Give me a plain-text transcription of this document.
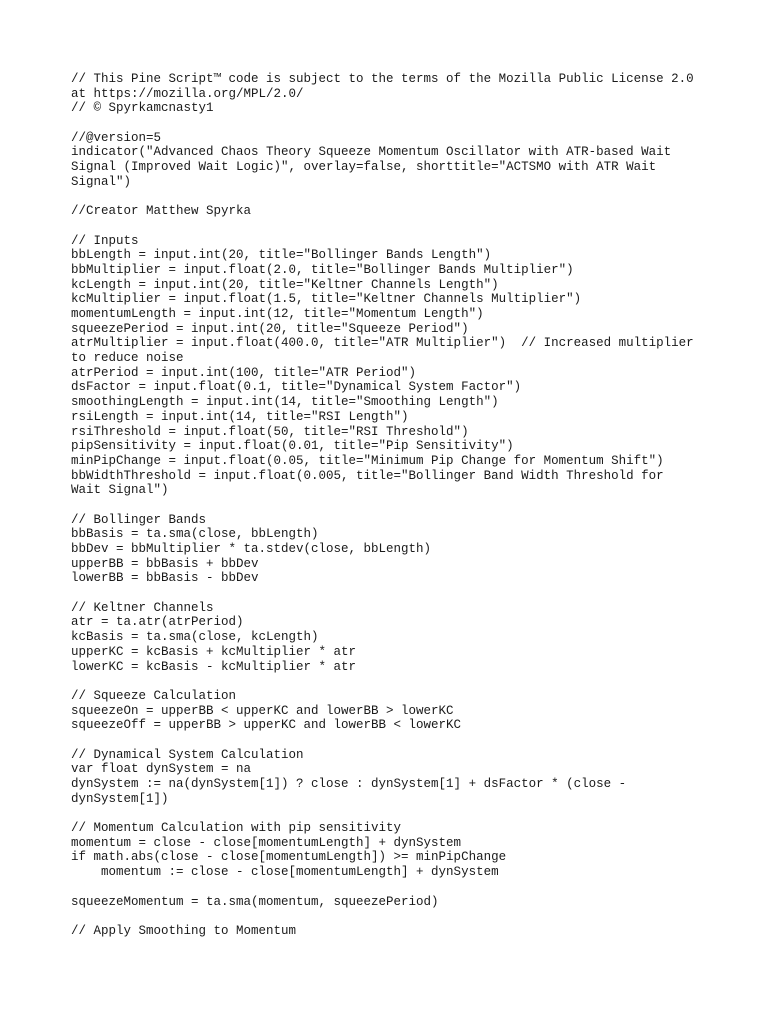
// This Pine Script™ code is subject to the terms of the Mozilla Public License 2.0
at https://mozilla.org/MPL/2.0/
// © Spyrkamcnasty1
//@version=5
indicator("Advanced Chaos Theory Squeeze Momentum Oscillator with ATR-based Wait
Signal (Improved Wait Logic)", overlay=false, shorttitle="ACTSMO with ATR Wait
Signal")
//Creator Matthew Spyrka
// Inputs
bbLength = input.int(20, title="Bollinger Bands Length")
bbMultiplier = input.float(2.0, title="Bollinger Bands Multiplier")
kcLength = input.int(20, title="Keltner Channels Length")
kcMultiplier = input.float(1.5, title="Keltner Channels Multiplier")
momentumLength = input.int(12, title="Momentum Length")
squeezePeriod = input.int(20, title="Squeeze Period")
atrMultiplier = input.float(400.0, title="ATR Multiplier")  // Increased multiplier
to reduce noise
atrPeriod = input.int(100, title="ATR Period")
dsFactor = input.float(0.1, title="Dynamical System Factor")
smoothingLength = input.int(14, title="Smoothing Length")
rsiLength = input.int(14, title="RSI Length")
rsiThreshold = input.float(50, title="RSI Threshold")
pipSensitivity = input.float(0.01, title="Pip Sensitivity")
minPipChange = input.float(0.05, title="Minimum Pip Change for Momentum Shift")
bbWidthThreshold = input.float(0.005, title="Bollinger Band Width Threshold for
Wait Signal")
// Bollinger Bands
bbBasis = ta.sma(close, bbLength)
bbDev = bbMultiplier * ta.stdev(close, bbLength)
upperBB = bbBasis + bbDev
lowerBB = bbBasis - bbDev
// Keltner Channels
atr = ta.atr(atrPeriod)
kcBasis = ta.sma(close, kcLength)
upperKC = kcBasis + kcMultiplier * atr
lowerKC = kcBasis - kcMultiplier * atr
// Squeeze Calculation
squeezeOn = upperBB < upperKC and lowerBB > lowerKC
squeezeOff = upperBB > upperKC and lowerBB < lowerKC
// Dynamical System Calculation
var float dynSystem = na
dynSystem := na(dynSystem[1]) ? close : dynSystem[1] + dsFactor * (close -
dynSystem[1])
// Momentum Calculation with pip sensitivity
momentum = close - close[momentumLength] + dynSystem
if math.abs(close - close[momentumLength]) >= minPipChange
momentum := close - close[momentumLength] + dynSystem
squeezeMomentum = ta.sma(momentum, squeezePeriod)
// Apply Smoothing to Momentum
